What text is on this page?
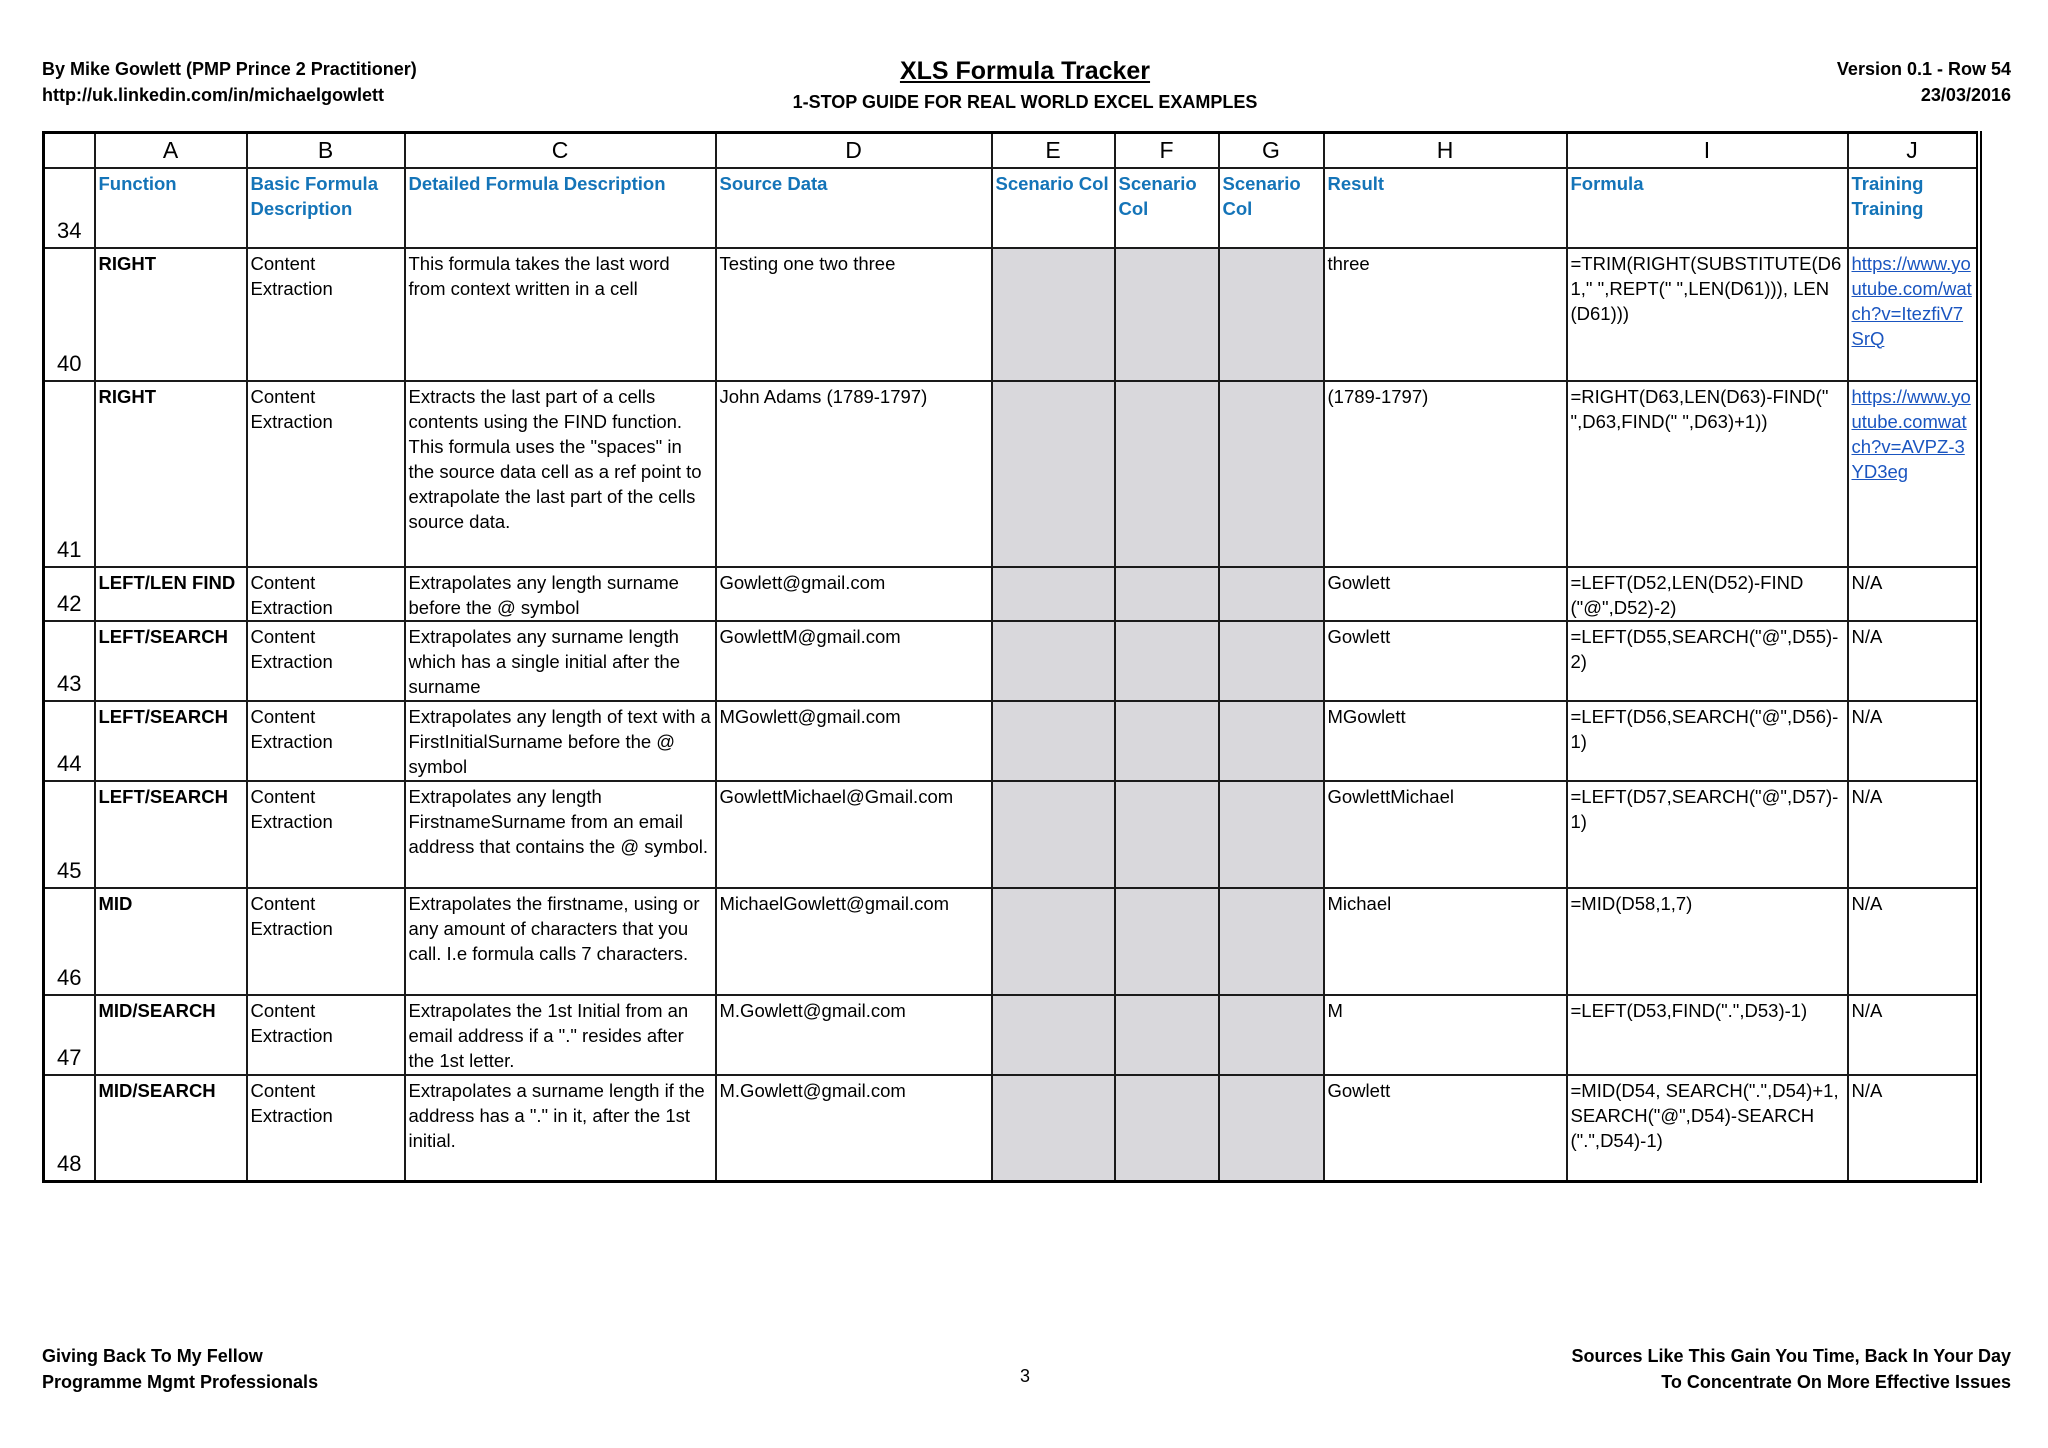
By Mike Gowlett (PMP Prince 2 Practitioner)
http://uk.linkedin.com/in/michaelgowlett
XLS Formula Tracker
1-STOP GUIDE FOR REAL WORLD EXCEL EXAMPLES
Version 0.1 - Row 54
23/03/2016
	A	B	C	D	E	F	G	H	I	J
34	Function	Basic Formula Description	Detailed Formula Description	Source Data	Scenario Col	Scenario Col	Scenario Col	Result	Formula	Training Training
40	RIGHT	Content Extraction	This formula takes the last word from context written in a cell	Testing one two three				three	=TRIM(RIGHT(SUBSTITUTE(D61," ",REPT(" ",LEN(D61))), LEN(D61)))	https://www.youtube.com/watch?v=ItezfiV7SrQ
41	RIGHT	Content Extraction	Extracts the last part of a cells contents using the FIND function. This formula uses the "spaces" in the source data cell as a ref point to extrapolate the last part of the cells source data.	John Adams (1789-1797)				(1789-1797)	=RIGHT(D63,LEN(D63)-FIND(" ",D63,FIND(" ",D63)+1))	https://www.youtube.comwatch?v=AVPZ-3YD3eg
42	LEFT/LEN FIND	Content Extraction	Extrapolates any length surname before the @ symbol	Gowlett@gmail.com				Gowlett	=LEFT(D52,LEN(D52)-FIND("@",D52)-2)	N/A
43	LEFT/SEARCH	Content Extraction	Extrapolates any surname length which has a single initial after the surname	GowlettM@gmail.com				Gowlett	=LEFT(D55,SEARCH("@",D55)-2)	N/A
44	LEFT/SEARCH	Content Extraction	Extrapolates any length of text with a FirstInitialSurname before the @ symbol	MGowlett@gmail.com				MGowlett	=LEFT(D56,SEARCH("@",D56)-1)	N/A
45	LEFT/SEARCH	Content Extraction	Extrapolates any length FirstnameSurname from an email address that contains the @ symbol.	GowlettMichael@Gmail.com				GowlettMichael	=LEFT(D57,SEARCH("@",D57)-1)	N/A
46	MID	Content Extraction	Extrapolates the firstname, using or any amount of characters that you call. I.e formula calls 7 characters.	MichaelGowlett@gmail.com				Michael	=MID(D58,1,7)	N/A
47	MID/SEARCH	Content Extraction	Extrapolates the 1st Initial from an email address if a "." resides after the 1st letter.	M.Gowlett@gmail.com				M	=LEFT(D53,FIND(".",D53)-1)	N/A
48	MID/SEARCH	Content Extraction	Extrapolates a surname length if the address has a "." in it, after the 1st initial.	M.Gowlett@gmail.com				Gowlett	=MID(D54, SEARCH(".",D54)+1,SEARCH("@",D54)-SEARCH(".",D54)-1)	N/A
Giving Back To My Fellow
Programme Mgmt Professionals	3
Sources Like This Gain You Time, Back In Your Day
To Concentrate On More Effective Issues
